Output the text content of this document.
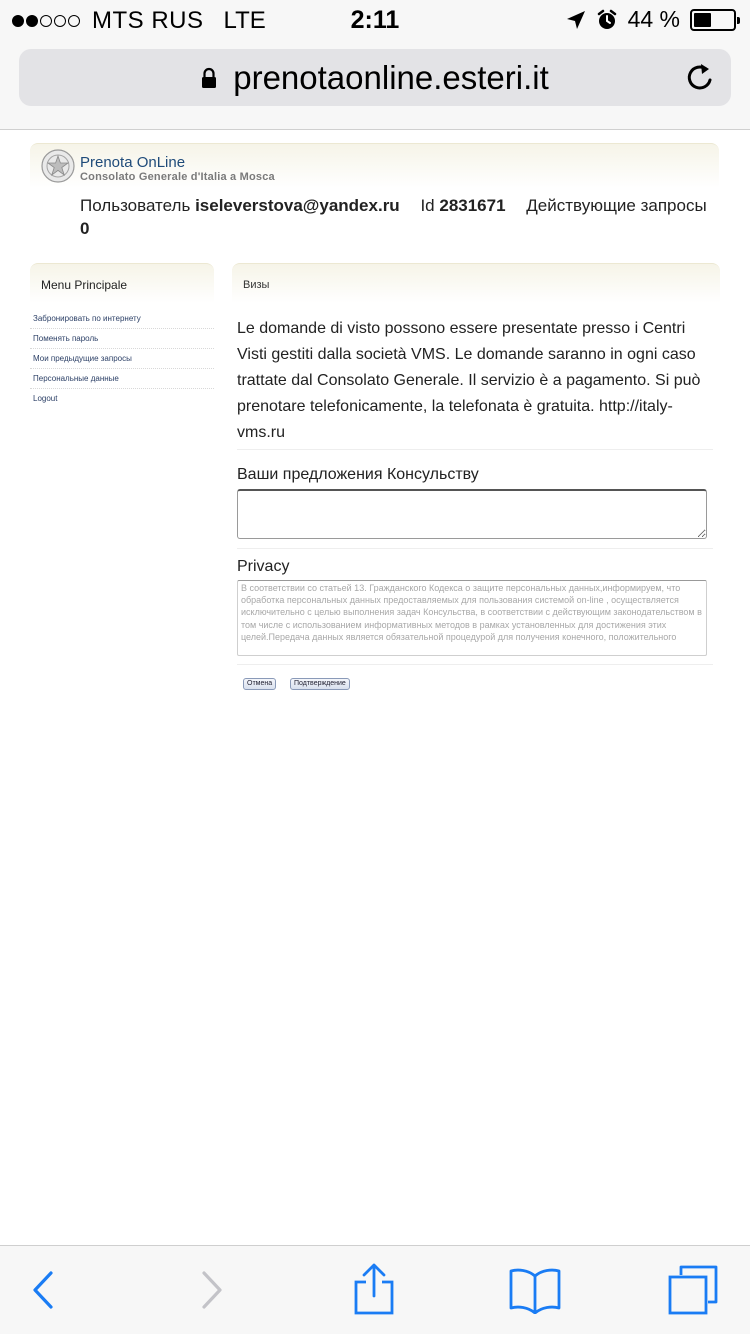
MTS RUS LTE	2:11	44 %
prenotaonline.esteri.it
Prenota OnLine
Consolato Generale d'Italia a Mosca
Пользователь iseleverstova@yandex.ru Id 2831671 Действующие запросы 0
Menu Principale
Забронировать по интернету
Поменять пароль
Мои предыдущие запросы
Персональные данные
Logout
Визы
Le domande di visto possono essere presentate presso i Centri Visti gestiti dalla società VMS. Le domande saranno in ogni caso trattate dal Consolato Generale. Il servizio è a pagamento. Si può prenotare telefonicamente, la telefonata è gratuita. http://italy-vms.ru
Ваши предложения Консульству
Privacy
В соответствии со статьей 13. Гражданского Кодекса о защите персональных данных,информируем, что обработка персональных данных предоставляемых для пользования системой on-line , осуществляется исключительно с целью выполнения задач Консульства, в соответствии с действующим законодательством в том числе с использованием информативных методов в рамках установленных для достижения этих целей.Передача данных является обязательной процедурой для получения конечного, положительного
Отмена	Подтверждение
